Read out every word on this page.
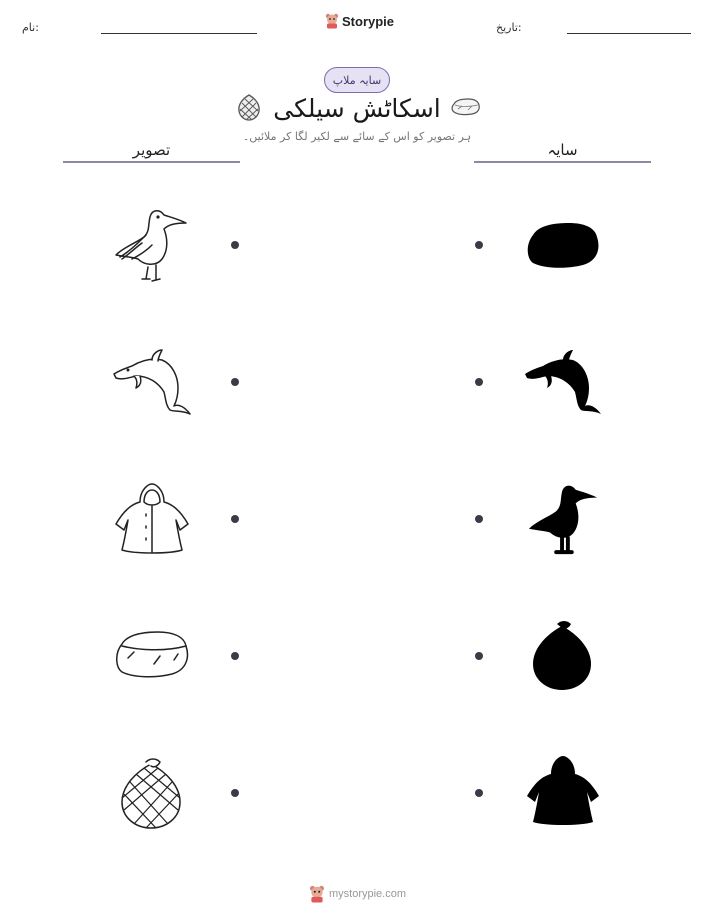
نام:	Storypie	تاریخ:
سایہ ملاپ
اسکاٹش سیلکی
ہر تصویر کو اس کے سائے سے لکیر لگا کر ملائیں۔
تصویر	سایہ
mystorypie.com
